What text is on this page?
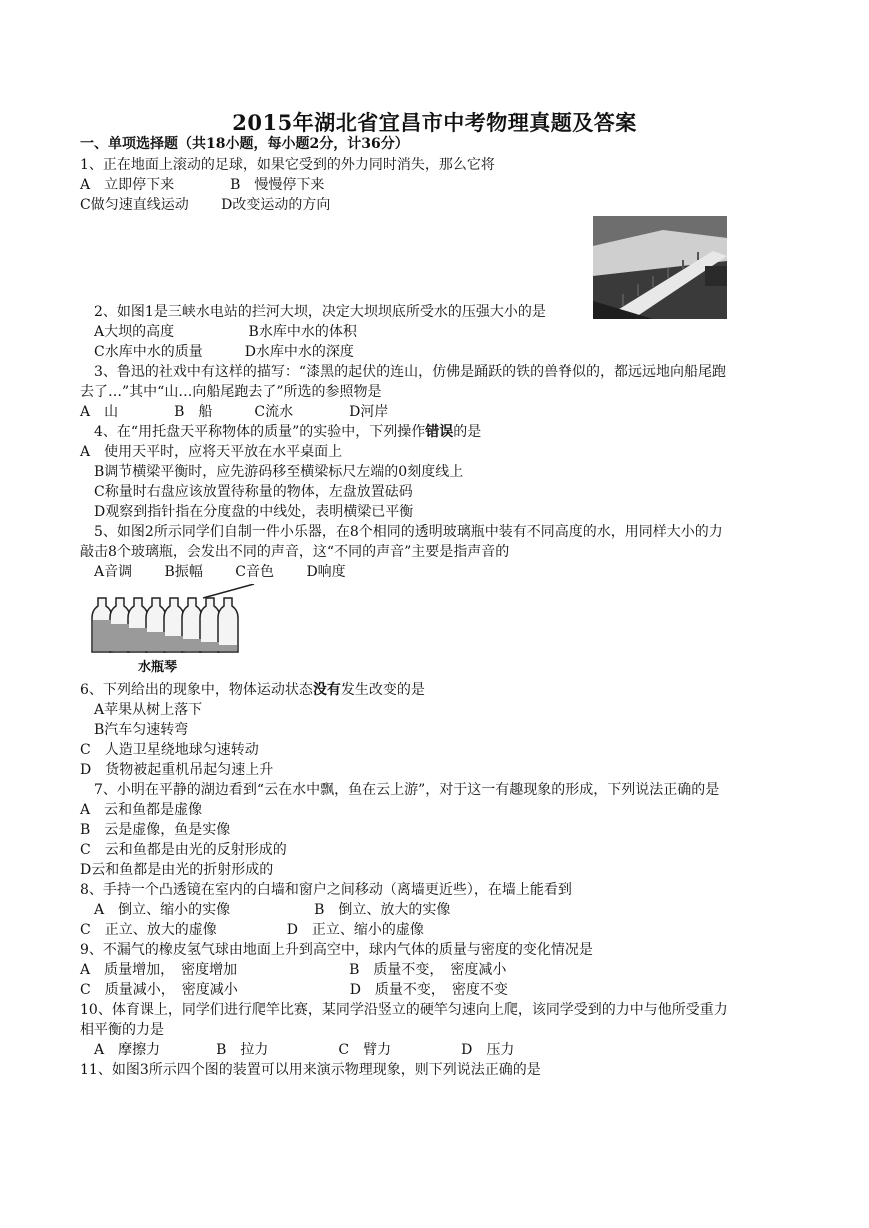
2015年湖北省宜昌市中考物理真题及答案
一、单项选择题（共18小题，每小题2分，计36分）
1、正在地面上滚动的足球，如果它受到的外力同时消失，那么它将
A　立即停下来　　　　B　慢慢停下来
C做匀速直线运动　　 D改变运动的方向
2、如图1是三峡水电站的拦河大坝，决定大坝坝底所受水的压强大小的是
A大坝的高度　　　　　 B水库中水的体积
C水库中水的质量　　　D水库中水的深度
3、鲁迅的社戏中有这样的描写：“漆黑的起伏的连山，仿佛是踊跃的铁的兽脊似的，都远远地向船尾跑
去了…”其中“山…向船尾跑去了”所选的参照物是
A　山　　　　B　船　　　C流水　　　　D河岸
4、在“用托盘天平称物体的质量”的实验中，下列操作错误的是
A　使用天平时，应将天平放在水平桌面上
B调节横梁平衡时，应先游码移至横梁标尺左端的0刻度线上
C称量时右盘应该放置待称量的物体，左盘放置砝码
D观察到指针指在分度盘的中线处，表明横梁已平衡
5、如图2所示同学们自制一件小乐器，在8个相同的透明玻璃瓶中装有不同高度的水，用同样大小的力
敲击8个玻璃瓶，会发出不同的声音，这“不同的声音”主要是指声音的
A音调　　 B振幅　　 C音色　　 D响度
水瓶琴
6、下列给出的现象中，物体运动状态没有发生改变的是
A苹果从树上落下
B汽车匀速转弯
C　人造卫星绕地球匀速转动
D　货物被起重机吊起匀速上升
7、小明在平静的湖边看到“云在水中飘，鱼在云上游”，对于这一有趣现象的形成，下列说法正确的是
A　云和鱼都是虚像
B　云是虚像，鱼是实像
C　云和鱼都是由光的反射形成的
D云和鱼都是由光的折射形成的
8、手持一个凸透镜在室内的白墙和窗户之间移动（离墙更近些），在墙上能看到
A　倒立、缩小的实像　　　　　　B　倒立、放大的实像
C　正立、放大的虚像　　　　　D　正立、缩小的虚像
9、不漏气的橡皮氢气球由地面上升到高空中，球内气体的质量与密度的变化情况是
A　质量增加，　密度增加　　　　　　　　B　质量不变，　密度减小
C　质量减小，　密度减小　　　　　　　　D　质量不变，　密度不变
10、体育课上，同学们进行爬竿比赛，某同学沿竖立的硬竿匀速向上爬，该同学受到的力中与他所受重力
相平衡的力是
A　摩擦力　　　　B　拉力　　　　　C　臂力　　　　　D　压力
11、如图3所示四个图的装置可以用来演示物理现象，则下列说法正确的是
